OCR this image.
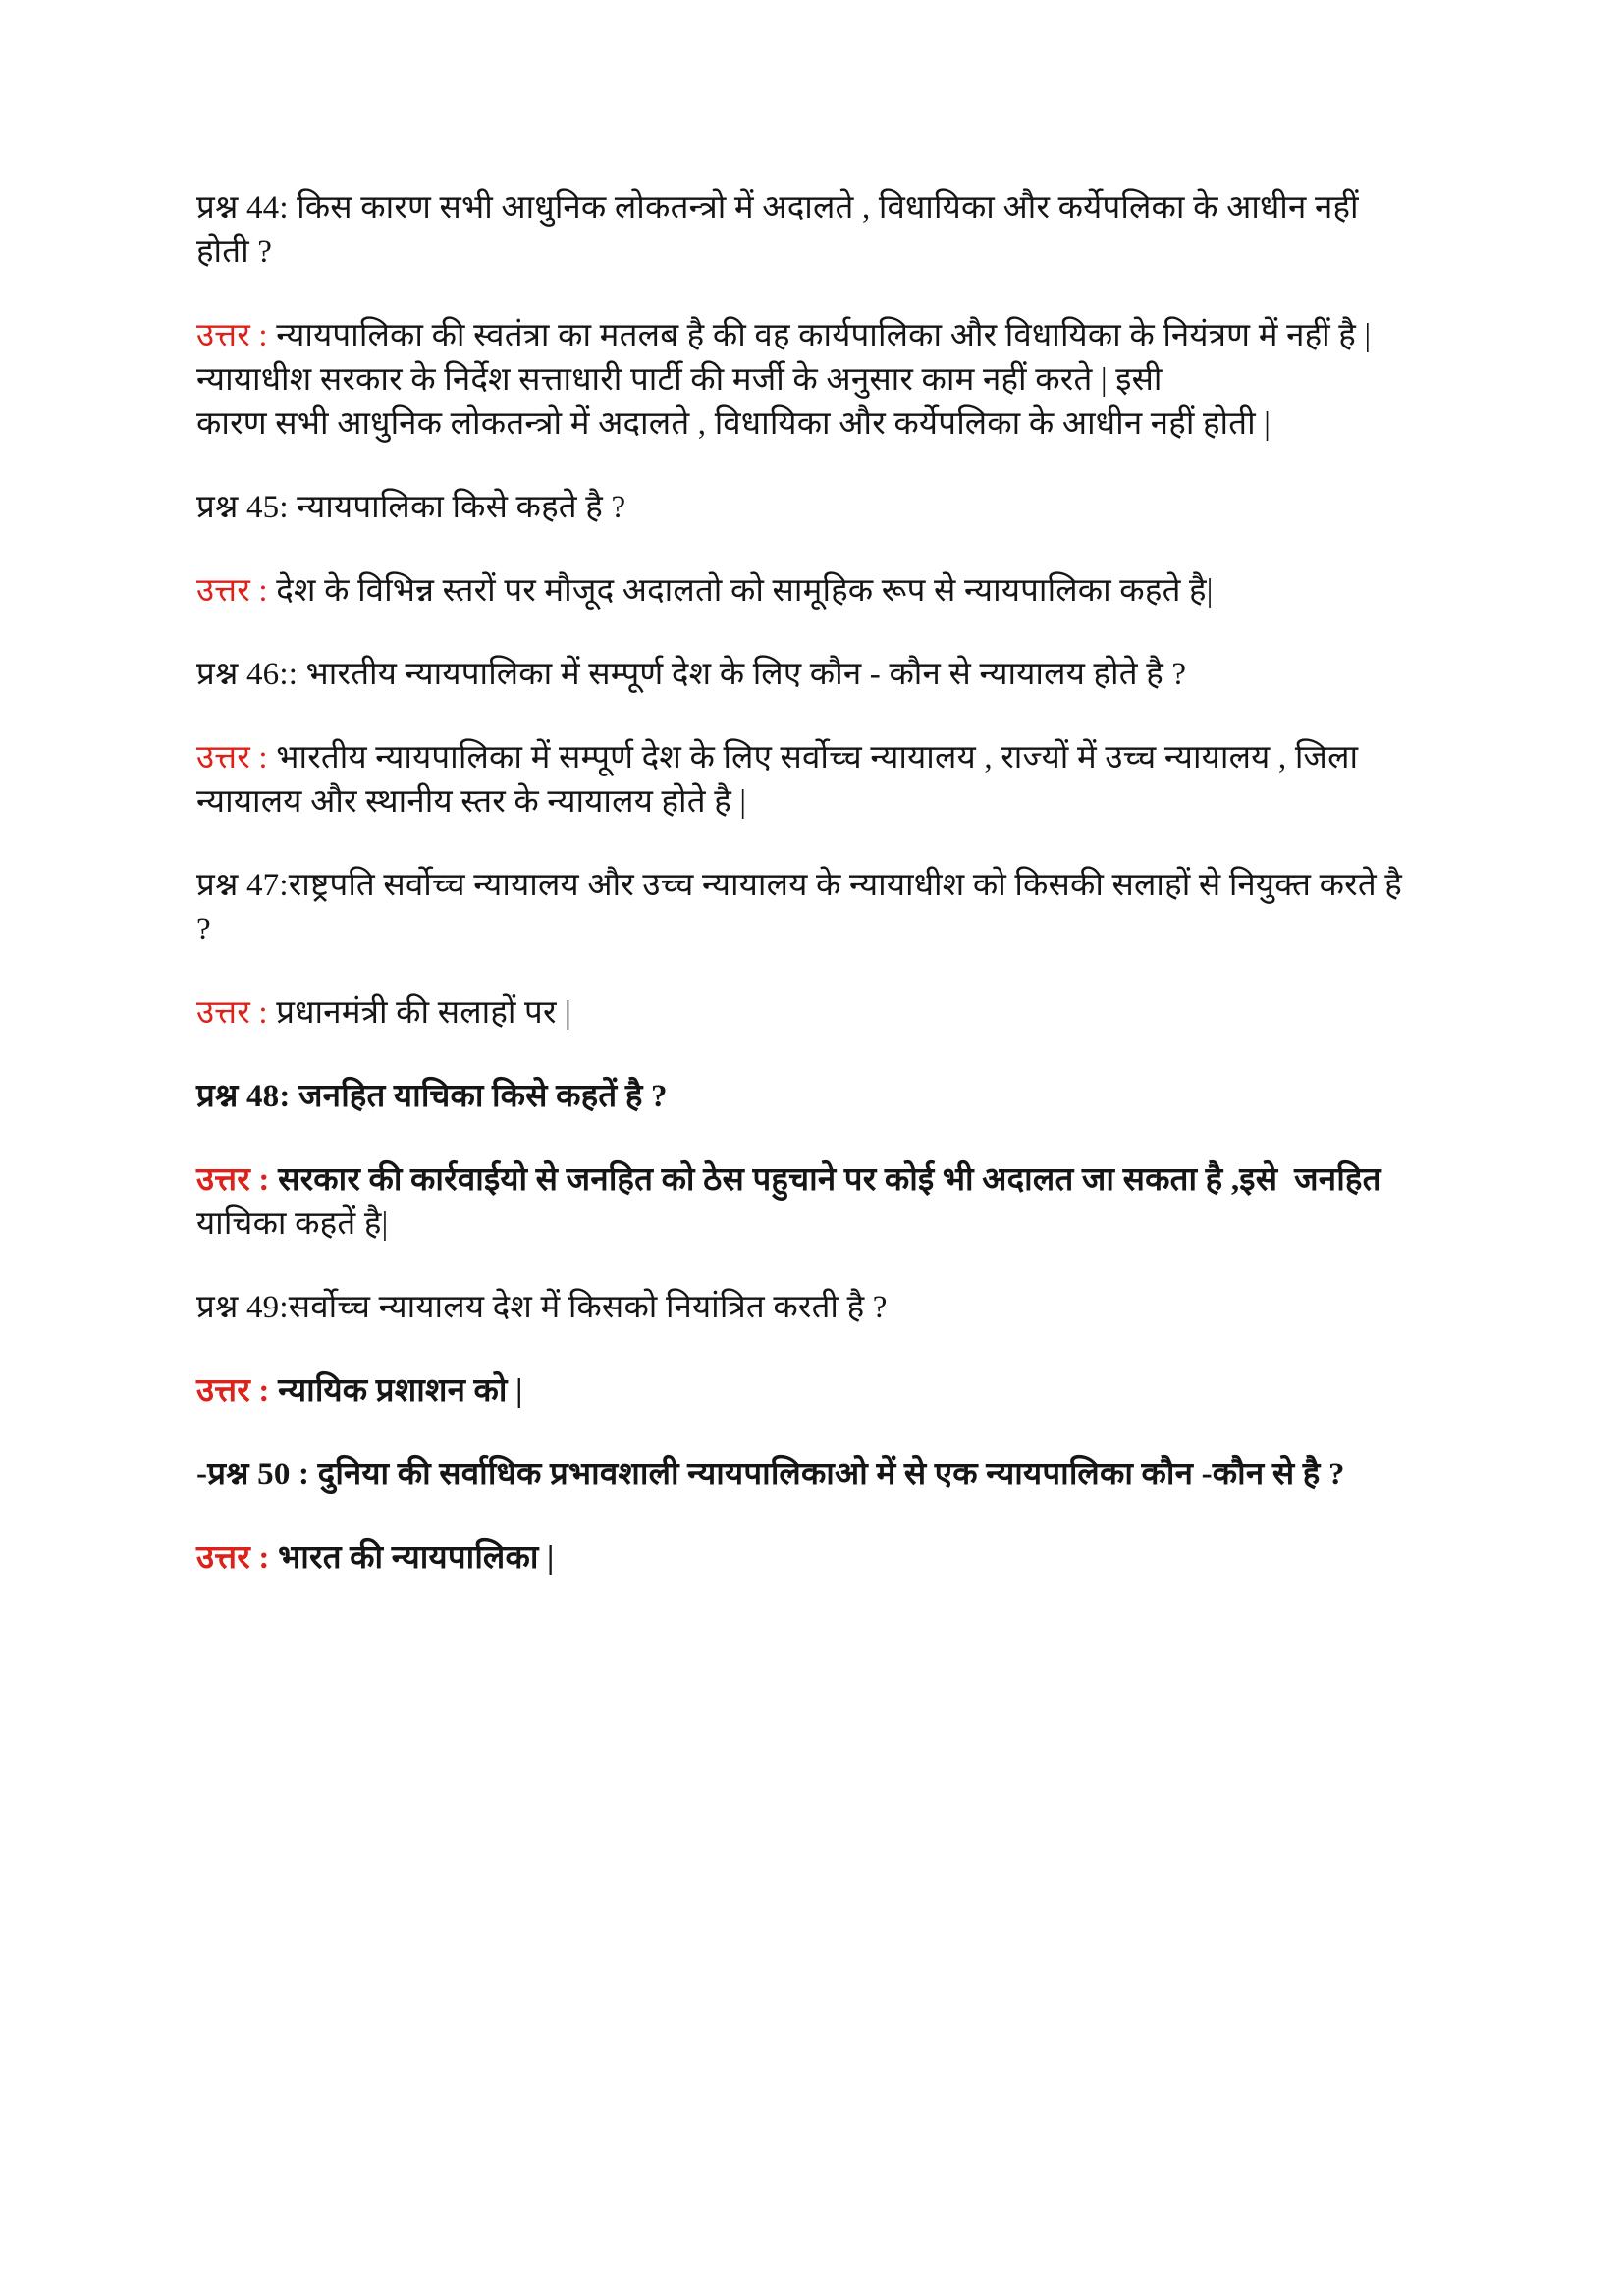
प्रश्न 44: किस कारण सभी आधुनिक लोकतन्त्रो में अदालते , विधायिका और कर्येपलिका के आधीन नहीं
होती ?
उत्तर : न्यायपालिका की स्वतंत्रा का मतलब है की वह कार्यपालिका और विधायिका के नियंत्रण में नहीं है |
न्यायाधीश सरकार के निर्देश सत्ताधारी पार्टी की मर्जी के अनुसार काम नहीं करते | इसी
कारण सभी आधुनिक लोकतन्त्रो में अदालते , विधायिका और कर्येपलिका के आधीन नहीं होती |
प्रश्न 45: न्यायपालिका किसे कहते है ?
उत्तर : देश के विभिन्न स्तरों पर मौजूद अदालतो को सामूहिक रूप से न्यायपालिका कहते है|
प्रश्न 46:: भारतीय न्यायपालिका में सम्पूर्ण देश के लिए कौन - कौन से न्यायालय होते है ?
उत्तर : भारतीय न्यायपालिका में सम्पूर्ण देश के लिए सर्वोच्च न्यायालय , राज्यों में उच्च न्यायालय , जिला
न्यायालय और स्थानीय स्तर के न्यायालय होते है |
प्रश्न 47:राष्ट्रपति सर्वोच्च न्यायालय और उच्च न्यायालय के न्यायाधीश को किसकी सलाहों से नियुक्त करते है
?
उत्तर : प्रधानमंत्री की सलाहों पर |
प्रश्न 48: जनहित याचिका किसे कहतें है ?
उत्तर : सरकार की कार्रवाईयो से जनहित को ठेस पहुचाने पर कोई भी अदालत जा सकता है ,इसे  जनहित
याचिका कहतें है|
प्रश्न 49:सर्वोच्च न्यायालय देश में किसको नियांत्रित करती है ?
उत्तर : न्यायिक प्रशाशन को |
-प्रश्न 50 : दुनिया की सर्वाधिक प्रभावशाली न्यायपालिकाओ में से एक न्यायपालिका कौन -कौन से है ?
उत्तर : भारत की न्यायपालिका |
